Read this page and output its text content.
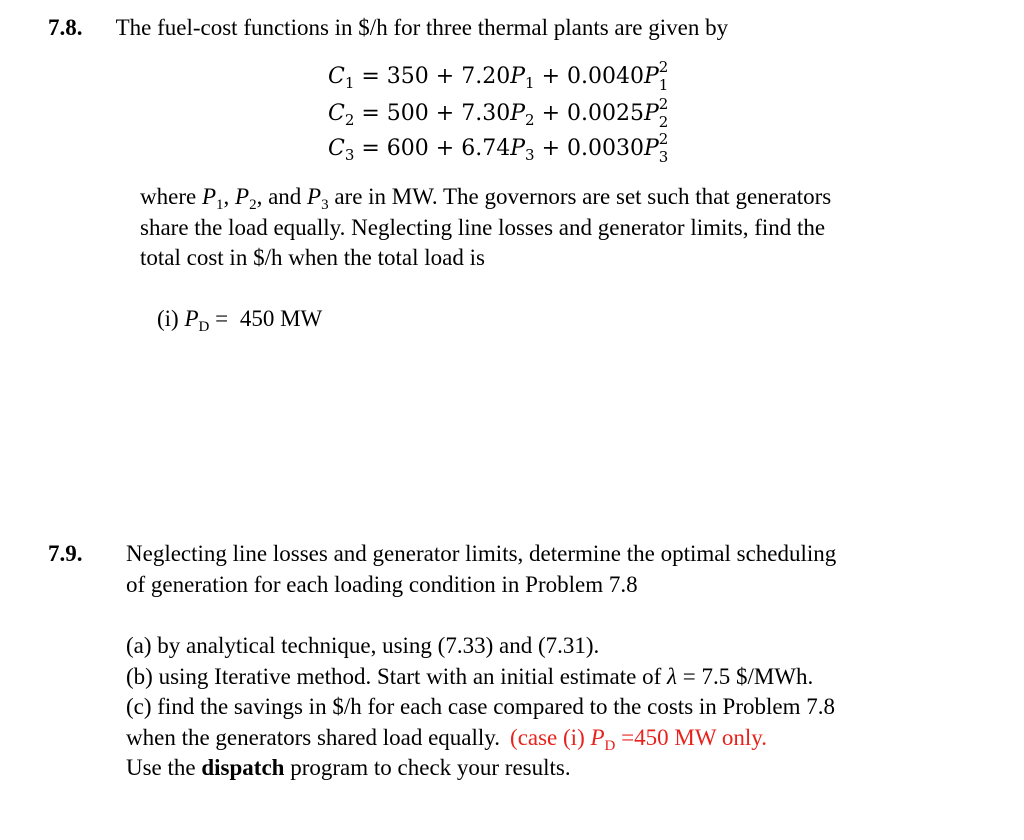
7.8. The fuel-cost functions in $/h for three thermal plants are given by
$C_1 = 350 + 7.20P_1 + 0.0040P$ 2
1
$C_2 = 500 + 7.30P_2 + 0.0025P$ 2
2
$C_3 = 600 + 6.74P_3 + 0.0030P$ 2
3
where $P_1$, $P_2$, and $P_3$ are in MW. The governors are set such that generators
share the load equally. Neglecting line losses and generator limits, find the
total cost in $/h when the total load is
(i) $P_D = 450$ MW
7.9. Neglecting line losses and generator limits, determine the optimal scheduling
of generation for each loading condition in Problem 7.8
(a) by analytical technique, using (7.33) and (7.31).
(b) using Iterative method. Start with an initial estimate of λ = 7.5 $/MWh.
(c) find the savings in $/h for each case compared to the costs in Problem 7.8
when the generators shared load equally. (case (i) $P_D =450$ MW only.
Use the dispatch program to check your results.
